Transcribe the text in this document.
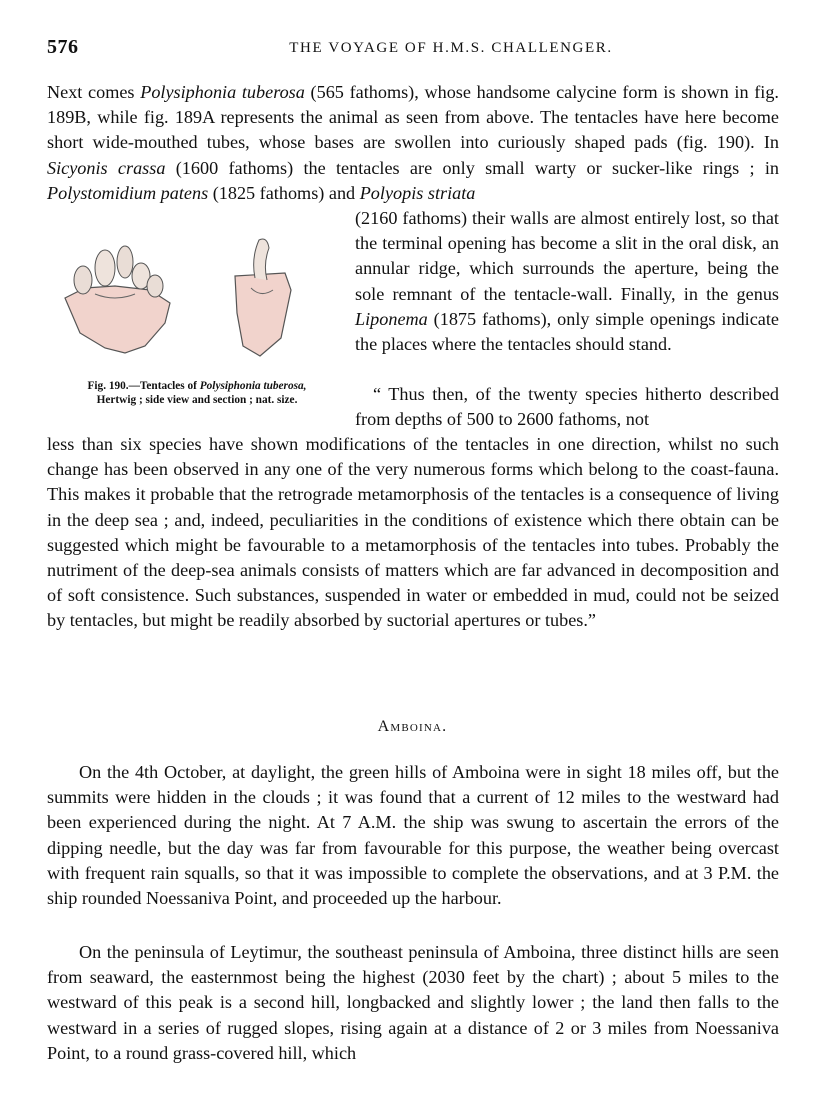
576	THE VOYAGE OF H.M.S. CHALLENGER.
Next comes Polysiphonia tuberosa (565 fathoms), whose handsome calycine form is shown in fig. 189B, while fig. 189A represents the animal as seen from above. The tentacles have here become short wide-mouthed tubes, whose bases are swollen into curiously shaped pads (fig. 190). In Sicyonis crassa (1600 fathoms) the tentacles are only small warty or sucker-like rings ; in Polystomidium patens (1825 fathoms) and Polyopis striata
Fig. 190.—Tentacles of Polysiphonia tuberosa,
Hertwig ; side view and section ; nat. size.
(2160 fathoms) their walls are almost entirely lost, so that the terminal opening has become a slit in the oral disk, an annular ridge, which surrounds the aperture, being the sole remnant of the tentacle-wall. Finally, in the genus Liponema (1875 fathoms), only simple openings indicate the places where the tentacles should stand.
“ Thus then, of the twenty species hitherto described from depths of 500 to 2600 fathoms, not
less than six species have shown modifications of the tentacles in one direction, whilst no such change has been observed in any one of the very numerous forms which belong to the coast-fauna. This makes it probable that the retrograde metamorphosis of the tentacles is a consequence of living in the deep sea ; and, indeed, peculiarities in the conditions of existence which there obtain can be suggested which might be favourable to a metamorphosis of the tentacles into tubes. Probably the nutriment of the deep-sea animals consists of matters which are far advanced in decomposition and of soft consistence. Such substances, suspended in water or embedded in mud, could not be seized by tentacles, but might be readily absorbed by suctorial apertures or tubes.”
Amboina.
On the 4th October, at daylight, the green hills of Amboina were in sight 18 miles off, but the summits were hidden in the clouds ; it was found that a current of 12 miles to the westward had been experienced during the night. At 7 A.M. the ship was swung to ascertain the errors of the dipping needle, but the day was far from favourable for this purpose, the weather being overcast with frequent rain squalls, so that it was impossible to complete the observations, and at 3 P.M. the ship rounded Noessaniva Point, and proceeded up the harbour.
On the peninsula of Leytimur, the southeast peninsula of Amboina, three distinct hills are seen from seaward, the easternmost being the highest (2030 feet by the chart) ; about 5 miles to the westward of this peak is a second hill, longbacked and slightly lower ; the land then falls to the westward in a series of rugged slopes, rising again at a distance of 2 or 3 miles from Noessaniva Point, to a round grass-covered hill, which
